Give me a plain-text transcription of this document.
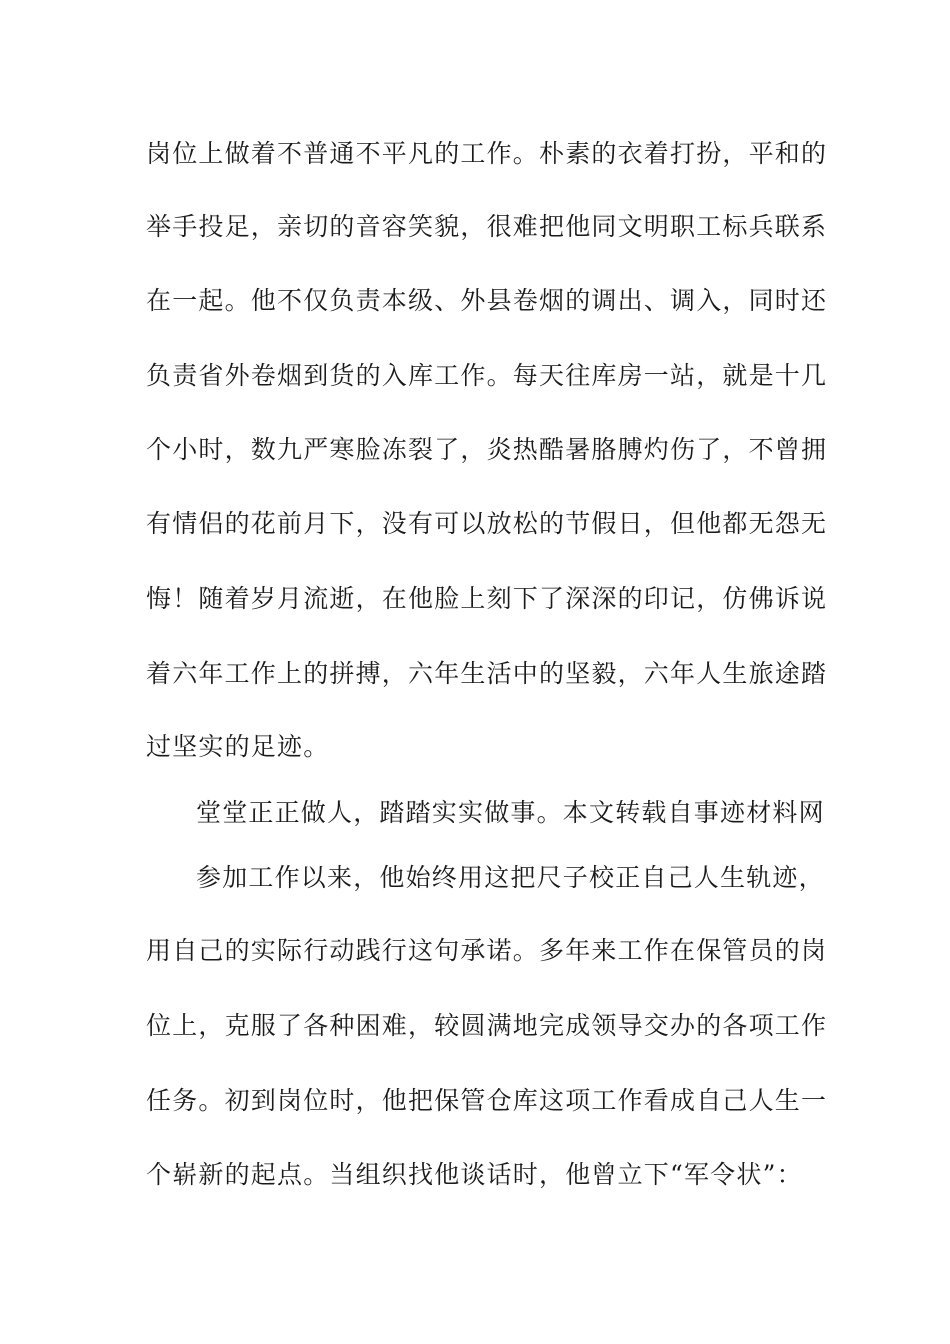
岗位上做着不普通不平凡的工作。朴素的衣着打扮，平和的
举手投足，亲切的音容笑貌，很难把他同文明职工标兵联系
在一起。他不仅负责本级、外县卷烟的调出、调入，同时还
负责省外卷烟到货的入库工作。每天往库房一站，就是十几
个小时，数九严寒脸冻裂了，炎热酷暑胳膊灼伤了，不曾拥
有情侣的花前月下，没有可以放松的节假日，但他都无怨无
悔！随着岁月流逝，在他脸上刻下了深深的印记，仿佛诉说
着六年工作上的拼搏，六年生活中的坚毅，六年人生旅途踏
过坚实的足迹。
堂堂正正做人，踏踏实实做事。本文转载自事迹材料网
参加工作以来，他始终用这把尺子校正自己人生轨迹，
用自己的实际行动践行这句承诺。多年来工作在保管员的岗
位上，克服了各种困难，较圆满地完成领导交办的各项工作
任务。初到岗位时，他把保管仓库这项工作看成自己人生一
个崭新的起点。当组织找他谈话时，他曾立下“军令状”：
